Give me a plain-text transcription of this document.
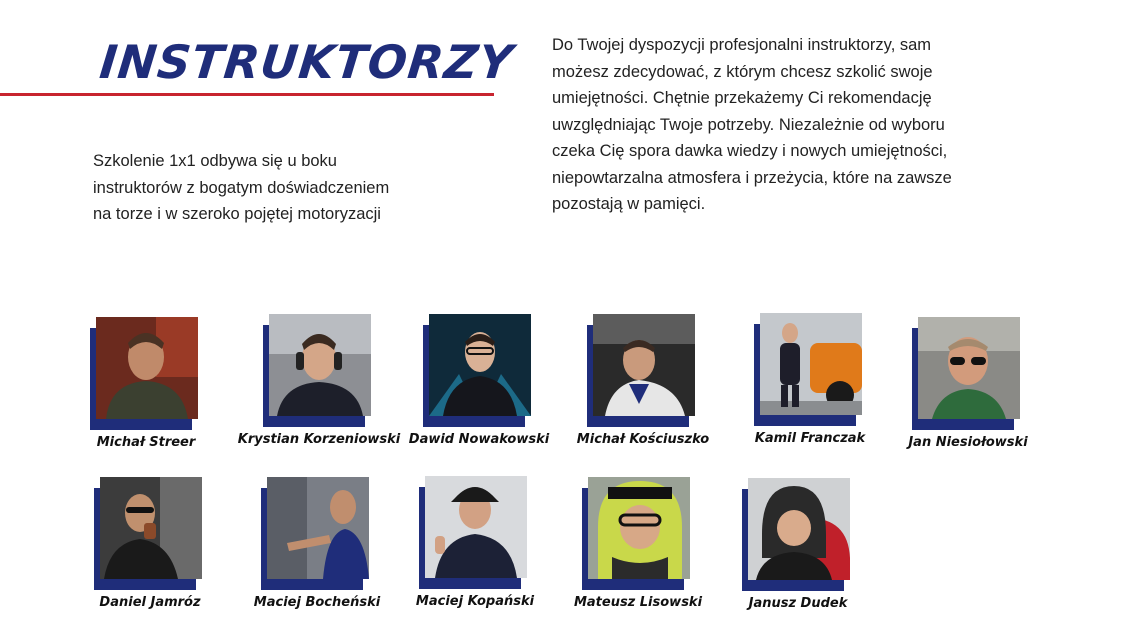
INSTRUKTORZY

Szkolenie 1x1 odbywa się u boku
instruktorów z bogatym doświadczeniem
na torze i w szeroko pojętej motoryzacji

Do Twojej dyspozycji profesjonalni instruktorzy, sam
możesz zdecydować, z którym chcesz szkolić swoje
umiejętności. Chętnie przekażemy Ci rekomendację
uwzględniając Twoje potrzeby. Niezależnie od wyboru
czeka Cię spora dawka wiedzy i nowych umiejętności,
niepowtarzalna atmosfera i przeżycia, które na zawsze
pozostają w pamięci.

Michał Streer	Krystian Korzeniowski Dawid Nowakowski	Michał Kościuszko	Kamil Franczak	Jan Niesiołowski
Daniel Jamróz	Maciej Bocheński	Maciej Kopański	Mateusz Lisowski	Janusz Dudek
